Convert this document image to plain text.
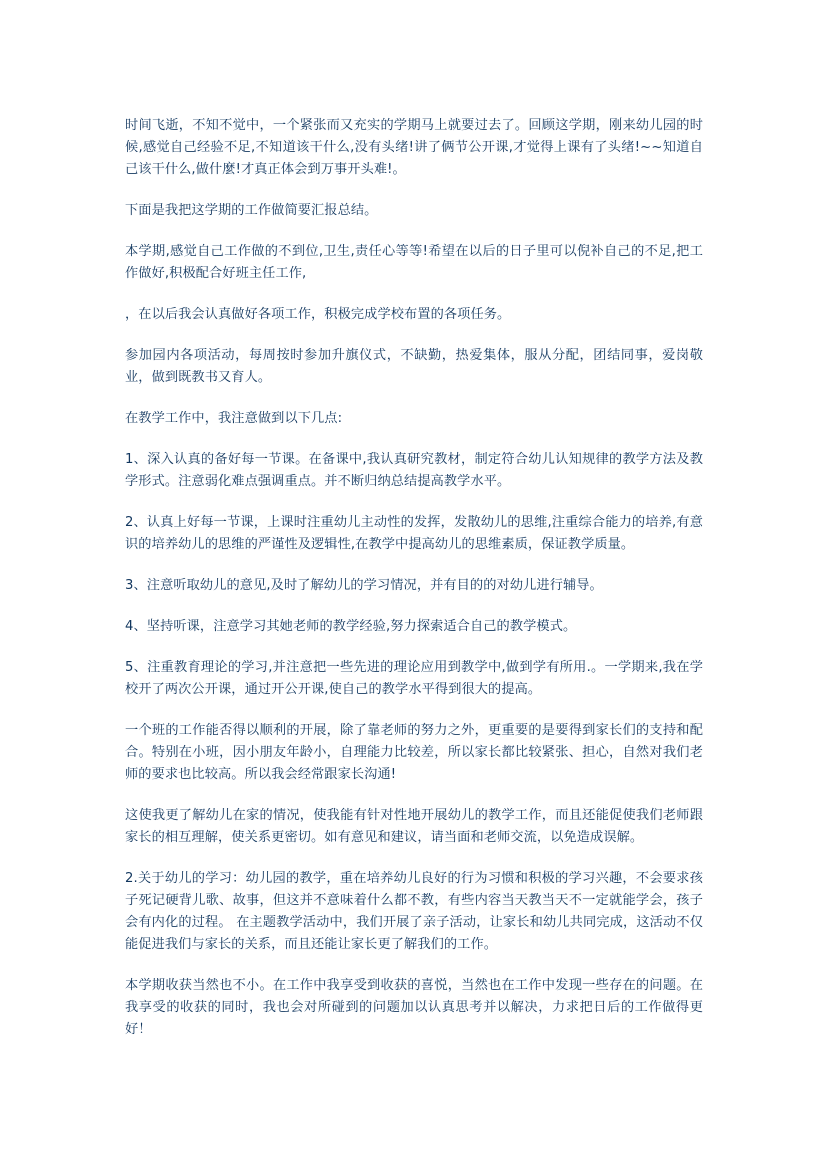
时间飞逝，不知不觉中，一个紧张而又充实的学期马上就要过去了。回顾这学期，刚来幼儿园的时候,感觉自己经验不足,不知道该干什么,没有头绪!讲了俩节公开课,才觉得上课有了头绪!~~知道自己该干什么,做什麼!才真正体会到万事开头难!。

下面是我把这学期的工作做简要汇报总结。

本学期,感觉自己工作做的不到位,卫生,责任心等等!希望在以后的日子里可以倪补自己的不足,把工作做好,积极配合好班主任工作,

，在以后我会认真做好各项工作，积极完成学校布置的各项任务。

参加园内各项活动，每周按时参加升旗仪式，不缺勤，热爱集体，服从分配，团结同事，爱岗敬业，做到既教书又育人。

在教学工作中，我注意做到以下几点:

1、深入认真的备好每一节课。在备课中,我认真研究教材，制定符合幼儿认知规律的教学方法及教学形式。注意弱化难点强调重点。并不断归纳总结提高教学水平。

2、认真上好每一节课，上课时注重幼儿主动性的发挥，发散幼儿的思维,注重综合能力的培养,有意识的培养幼儿的思维的严谨性及逻辑性,在教学中提高幼儿的思维素质，保证教学质量。

3、注意听取幼儿的意见,及时了解幼儿的学习情况，并有目的的对幼儿进行辅导。

4、坚持听课，注意学习其她老师的教学经验,努力探索适合自己的教学模式。

5、注重教育理论的学习,并注意把一些先进的理论应用到教学中,做到学有所用.。一学期来,我在学校开了两次公开课，通过开公开课,使自己的教学水平得到很大的提高。

一个班的工作能否得以顺利的开展，除了靠老师的努力之外，更重要的是要得到家长们的支持和配合。特别在小班，因小朋友年龄小，自理能力比较差，所以家长都比较紧张、担心，自然对我们老师的要求也比较高。所以我会经常跟家长沟通!

这使我更了解幼儿在家的情况，使我能有针对性地开展幼儿的教学工作，而且还能促使我们老师跟家长的相互理解，使关系更密切。如有意见和建议，请当面和老师交流，以免造成误解。

2.关于幼儿的学习：幼儿园的教学，重在培养幼儿良好的行为习惯和积极的学习兴趣，不会要求孩子死记硬背儿歌、故事，但这并不意味着什么都不教，有些内容当天教当天不一定就能学会，孩子会有内化的过程。 在主题教学活动中，我们开展了亲子活动，让家长和幼儿共同完成，这活动不仅能促进我们与家长的关系，而且还能让家长更了解我们的工作。

本学期收获当然也不小。在工作中我享受到收获的喜悦，当然也在工作中发现一些存在的问题。在我享受的收获的同时，我也会对所碰到的问题加以认真思考并以解决，力求把日后的工作做得更好！
